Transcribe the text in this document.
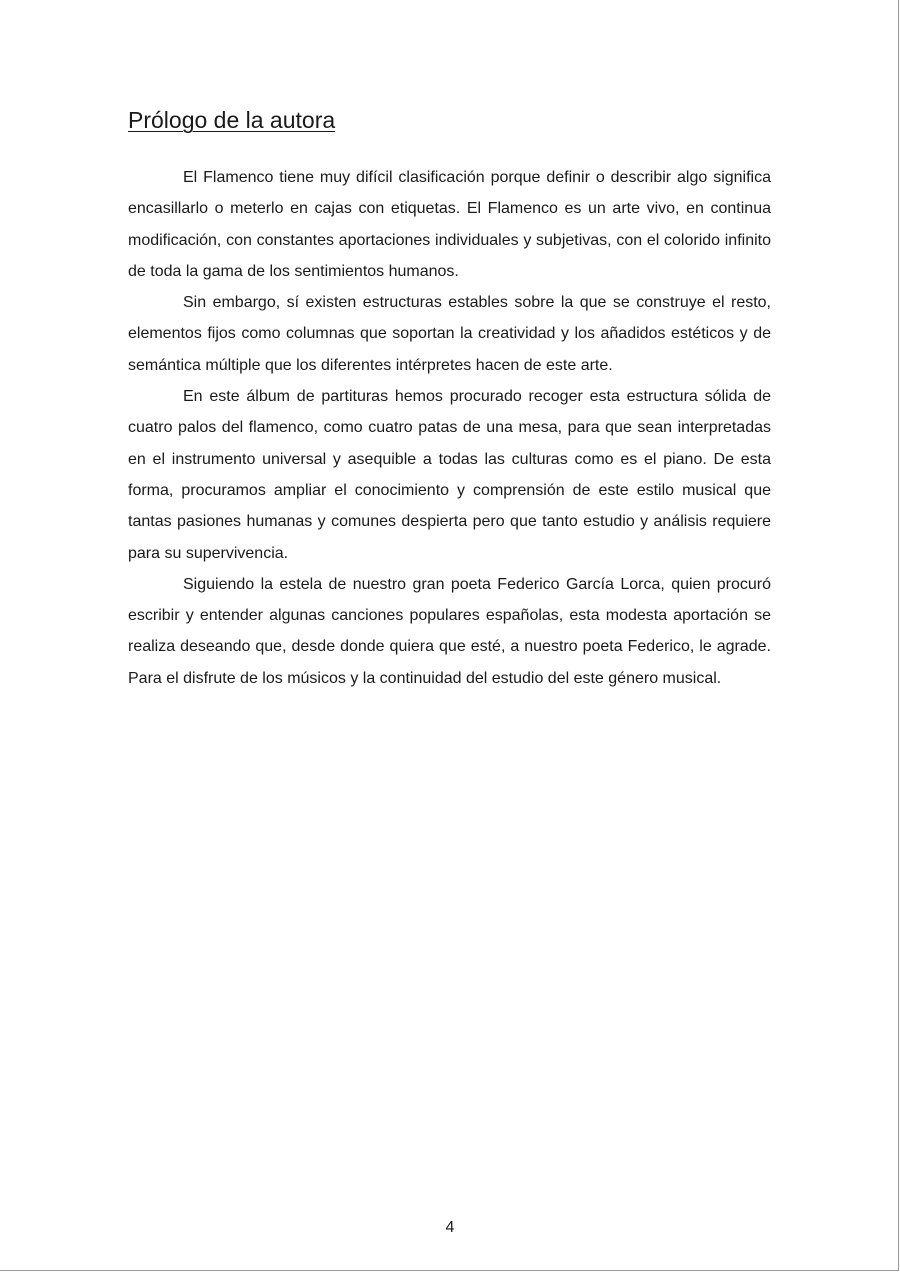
Prólogo de la autora

El Flamenco tiene muy difícil clasificación porque definir o describir algo significa encasillarlo o meterlo en cajas con etiquetas. El Flamenco es un arte vivo, en continua modificación, con constantes aportaciones individuales y subjetivas, con el colorido infinito de toda la gama de los sentimientos humanos.

Sin embargo, sí existen estructuras estables sobre la que se construye el resto, elementos fijos como columnas que soportan la creatividad y los añadidos estéticos y de semántica múltiple que los diferentes intérpretes hacen de este arte.

En este álbum de partituras hemos procurado recoger esta estructura sólida de cuatro palos del flamenco, como cuatro patas de una mesa, para que sean interpretadas en el instrumento universal y asequible a todas las culturas como es el piano. De esta forma, procuramos ampliar el conocimiento y comprensión de este estilo musical que tantas pasiones humanas y comunes despierta pero que tanto estudio y análisis requiere para su supervivencia.

Siguiendo la estela de nuestro gran poeta Federico García Lorca, quien procuró escribir y entender algunas canciones populares españolas, esta modesta aportación se realiza deseando que, desde donde quiera que esté, a nuestro poeta Federico, le agrade. Para el disfrute de los músicos y la continuidad del estudio del este género musical.

4
